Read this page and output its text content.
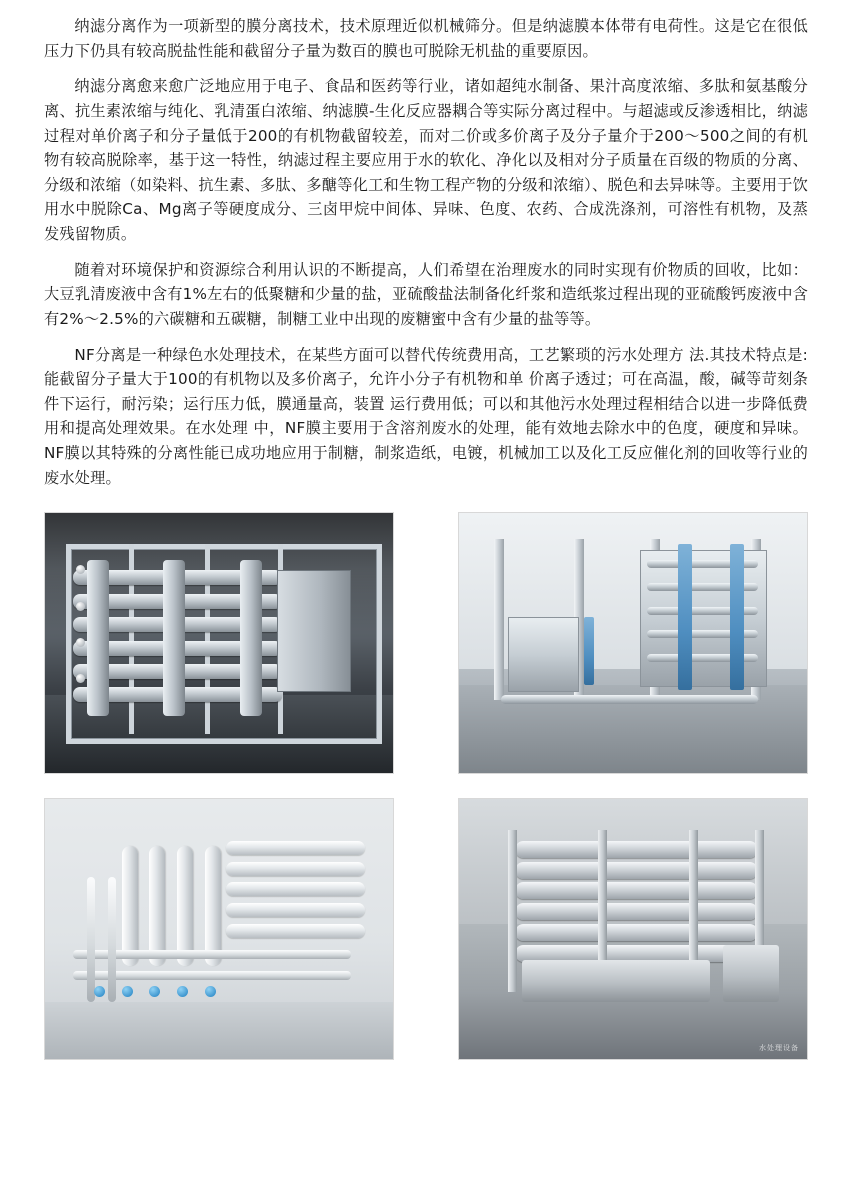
纳滤分离作为一项新型的膜分离技术，技术原理近似机械筛分。但是纳滤膜本体带有电荷性。这是它在很低压力下仍具有较高脱盐性能和截留分子量为数百的膜也可脱除无机盐的重要原因。

纳滤分离愈来愈广泛地应用于电子、食品和医药等行业，诸如超纯水制备、果汁高度浓缩、多肽和氨基酸分离、抗生素浓缩与纯化、乳清蛋白浓缩、纳滤膜-生化反应器耦合等实际分离过程中。与超滤或反渗透相比，纳滤过程对单价离子和分子量低于200的有机物截留较差，而对二价或多价离子及分子量介于200～500之间的有机物有较高脱除率，基于这一特性，纳滤过程主要应用于水的软化、净化以及相对分子质量在百级的物质的分离、分级和浓缩（如染料、抗生素、多肽、多醣等化工和生物工程产物的分级和浓缩）、脱色和去异味等。主要用于饮用水中脱除Ca、Mg离子等硬度成分、三卤甲烷中间体、异味、色度、农药、合成洗涤剂，可溶性有机物，及蒸发残留物质。

随着对环境保护和资源综合利用认识的不断提高，人们希望在治理废水的同时实现有价物质的回收，比如：大豆乳清废液中含有1%左右的低聚糖和少量的盐，亚硫酸盐法制备化纤浆和造纸浆过程出现的亚硫酸钙废液中含有2%～2.5%的六碳糖和五碳糖，制糖工业中出现的废糖蜜中含有少量的盐等等。

NF分离是一种绿色水处理技术，在某些方面可以替代传统费用高，工艺繁琐的污水处理方 法.其技术特点是:能截留分子量大于100的有机物以及多价离子，允许小分子有机物和单 价离子透过；可在高温，酸，碱等苛刻条件下运行，耐污染；运行压力低，膜通量高，装置 运行费用低；可以和其他污水处理过程相结合以进一步降低费用和提高处理效果。在水处理 中，NF膜主要用于含溶剂废水的处理，能有效地去除水中的色度，硬度和异味。NF膜以其特殊的分离性能已成功地应用于制糖，制浆造纸，电镀，机械加工以及化工反应催化剂的回收等行业的废水处理。

水处理设备
